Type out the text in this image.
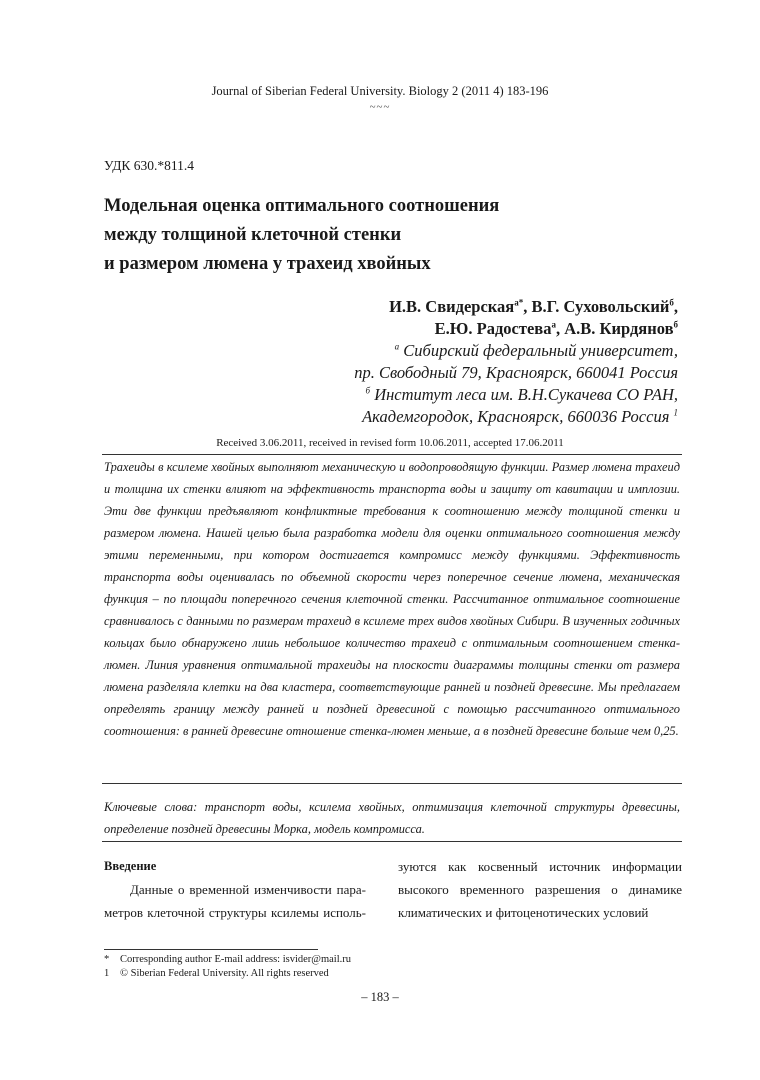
Journal of Siberian Federal University. Biology 2 (2011 4) 183-196
~~~
УДК 630.*811.4
Модельная оценка оптимального соотношения
между толщиной клеточной стенки
и размером люмена у трахеид хвойных
И.В. Свидерская$^{а*}$, В.Г. Суховольский$^б$,
Е.Ю. Радостева$^а$, А.В. Кирдянов$^б$
$^а$ Сибирский федеральный университет,
пр. Свободный 79, Красноярск, 660041 Россия
$^б$ Институт леса им. В.Н.Сукачева СО РАН,
Академгородок, Красноярск, 660036 Россия $^1$
Received 3.06.2011, received in revised form 10.06.2011, accepted 17.06.2011
Трахеиды в ксилеме хвойных выполняют механическую и водопроводящую функции. Размер люмена трахеид и толщина их стенки влияют на эффективность транспорта воды и защиту от кавитации и имплозии. Эти две функции предъявляют конфликтные требования к соотношению между толщиной стенки и размером люмена. Нашей целью была разработка модели для оценки оптимального соотношения между этими переменными, при котором достигается компромисс между функциями. Эффективность транспорта воды оценивалась по объемной скорости через поперечное сечение люмена, механическая функция – по площади поперечного сечения клеточной стенки. Рассчитанное оптимальное соотношение сравнивалось с данными по размерам трахеид в ксилеме трех видов хвойных Сибири. В изученных годичных кольцах было обнаружено лишь небольшое количество трахеид с оптимальным соотношением стенка-люмен. Линия уравнения оптимальной трахеиды на плоскости диаграммы толщины стенки от размера люмена разделяла клетки на два кластера, соответствующие ранней и поздней древесине. Мы предлагаем определять границу между ранней и поздней древесиной с помощью рассчитанного оптимального соотношения: в ранней древесине отношение стенка-люмен меньше, а в поздней древесине больше чем 0,25.
Ключевые слова: транспорт воды, ксилема хвойных, оптимизация клеточной структуры древесины, определение поздней древесины Морка, модель компромисса.
Введение
Данные о временной изменчивости пара-метров клеточной структуры ксилемы исполь-
зуются как косвенный источник информации высокого временного разрешения о динамике климатических и фитоценотических условий
*	Corresponding author E-mail address: isvider@mail.ru
1	© Siberian Federal University. All rights reserved
– 183 –
